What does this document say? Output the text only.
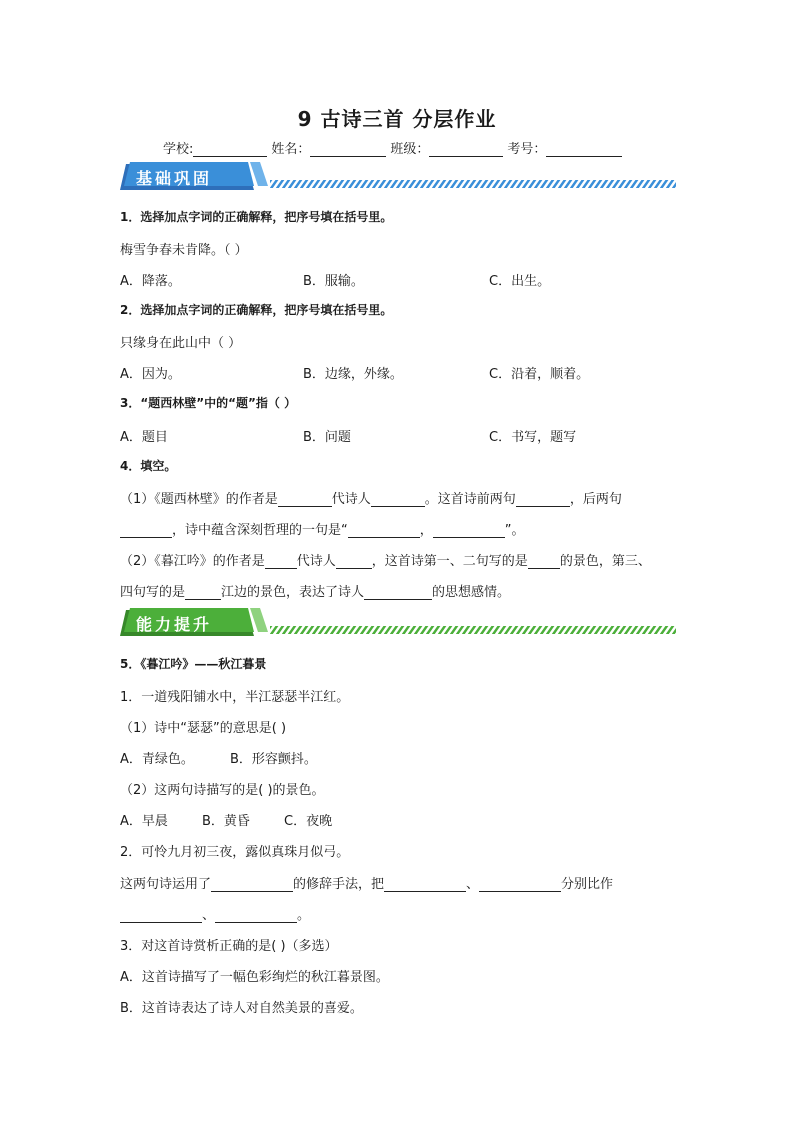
9 古诗三首 分层作业
学校:	姓名：	班级：	考号：
基础巩固
1．选择加点字词的正确解释，把序号填在括号里。
梅雪争春未肯降。（ ）
A．降落。	B．服输。	C．出生。
2．选择加点字词的正确解释，把序号填在括号里。
只缘身在此山中（ ）
A．因为。	B．边缘，外缘。	C．沿着，顺着。
3．“题西林壁”中的“题”指（ ）
A．题目	B．问题	C．书写，题写
4．填空。
（1）《题西林壁》的作者是	代诗人	。这首诗前两句	，后两句
，诗中蕴含深刻哲理的一句是“	，	”。
（2）《暮江吟》的作者是 代诗人	，这首诗第一、二句写的是 的景色，第三、
四句写的是	江边的景色，表达了诗人	的思想感情。
能力提升
5．《暮江吟》——秋江暮景
1．一道残阳铺水中，半江瑟瑟半江红。
（1）诗中“瑟瑟”的意思是( )
A．青绿色。	B．形容颤抖。
（2）这两句诗描写的是( )的景色。
A．早晨	B．黄昏	C．夜晚
2．可怜九月初三夜，露似真珠月似弓。
这两句诗运用了	的修辞手法，把	、	分别比作
、	。
3．对这首诗赏析正确的是( )（多选）
A．这首诗描写了一幅色彩绚烂的秋江暮景图。
B．这首诗表达了诗人对自然美景的喜爱。
